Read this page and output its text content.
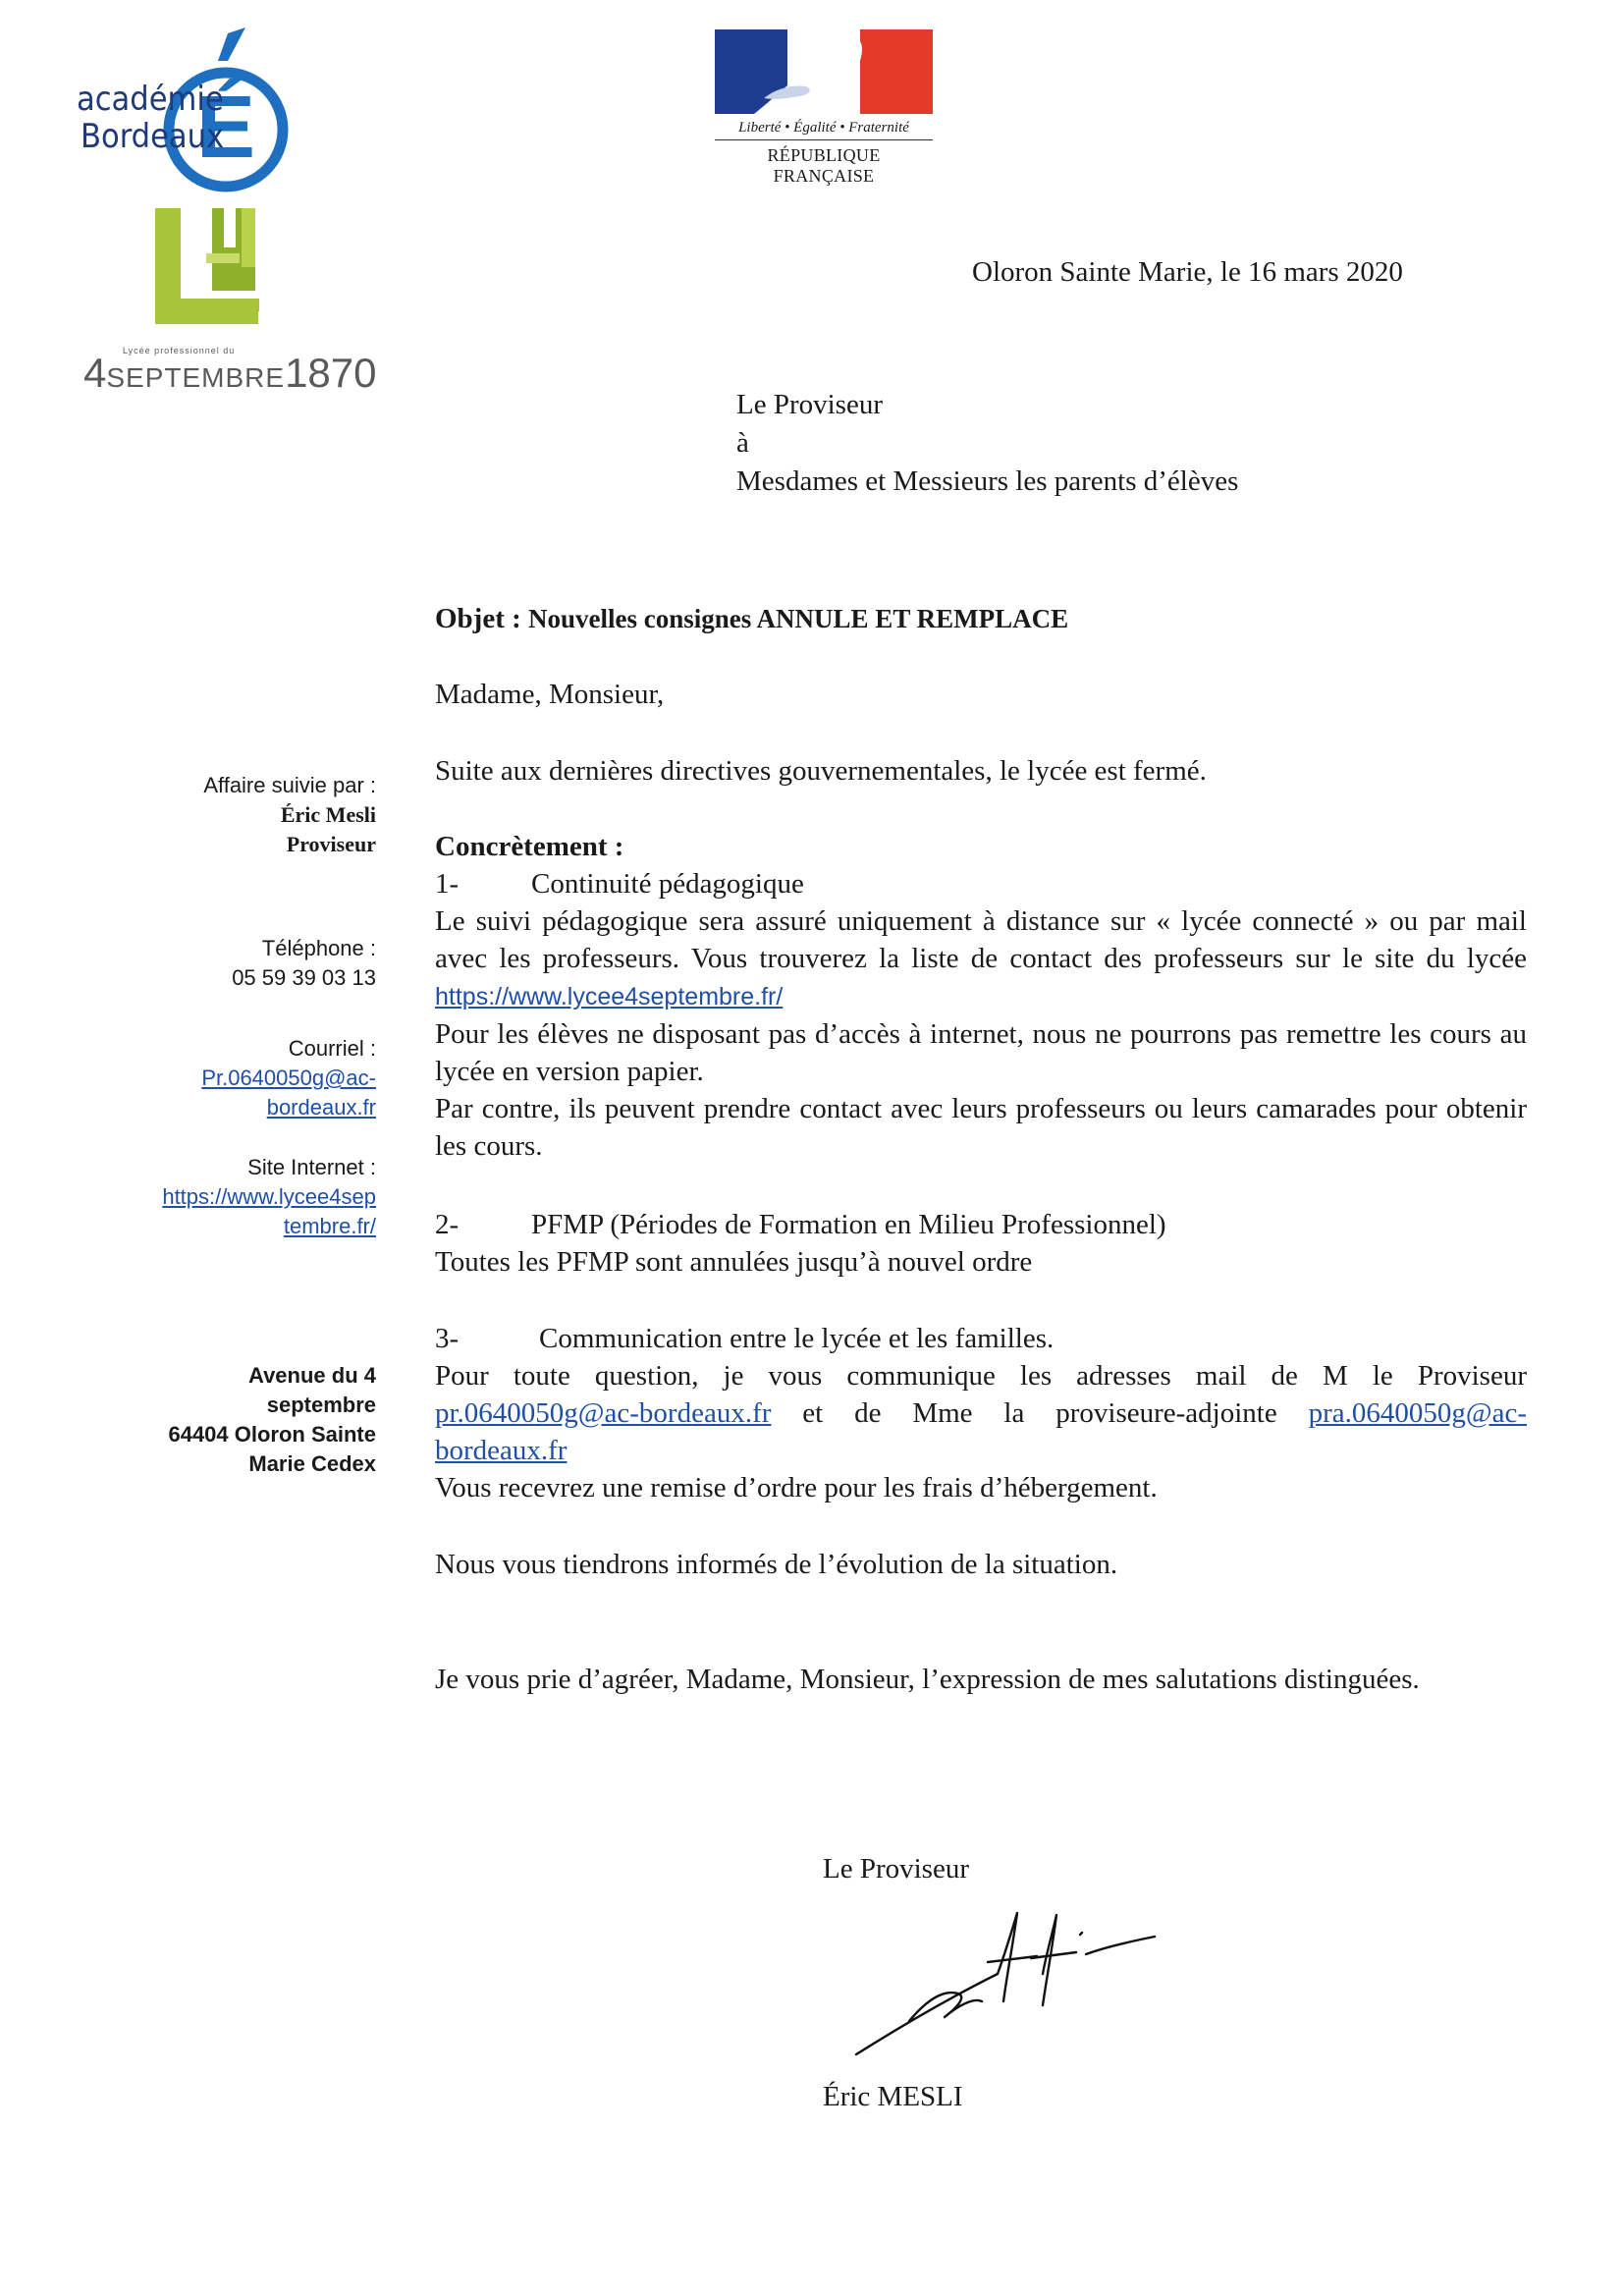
É
académie
Bordeaux
E
Lycée professionnel du
4SEPTEMBRE1870
Liberté • Égalité • Fraternité
RÉPUBLIQUE FRANÇAISE
Oloron Sainte Marie, le 16 mars 2020
Le Proviseur
à
Mesdames et Messieurs les parents d’élèves
Affaire suivie par :
Éric Mesli
Proviseur
Téléphone :
05 59 39 03 13
Courriel :
Pr.0640050g@ac-
bordeaux.fr
Site Internet :
https://www.lycee4sep
tembre.fr/
Avenue du 4
septembre
64404 Oloron Sainte
Marie Cedex
Objet : Nouvelles consignes ANNULE ET REMPLACE
Madame, Monsieur,
Suite aux dernières directives gouvernementales, le lycée est fermé.
Concrètement :
1-	Continuité pédagogique
Le suivi pédagogique sera assuré uniquement à distance sur « lycée connecté » ou par mail avec les professeurs. Vous trouverez la liste de contact des professeurs sur le site du lycée https://www.lycee4septembre.fr/
Pour les élèves ne disposant pas d’accès à internet, nous ne pourrons pas remettre les cours au lycée en version papier.
Par contre, ils peuvent prendre contact avec leurs professeurs ou leurs camarades pour obtenir les cours.
2-	PFMP (Périodes de Formation en Milieu Professionnel)
Toutes les PFMP sont annulées jusqu’à nouvel ordre
3-	Communication entre le lycée et les familles.
Pour toute question, je vous communique les adresses mail de M le Proviseur
pr.0640050g@ac-bordeaux.fr et de Mme la proviseure-adjointe pra.0640050g@ac-
bordeaux.fr
Vous recevrez une remise d’ordre pour les frais d’hébergement.
Nous vous tiendrons informés de l’évolution de la situation.
Je vous prie d’agréer, Madame, Monsieur, l’expression de mes salutations distinguées.
Le Proviseur
Éric MESLI
